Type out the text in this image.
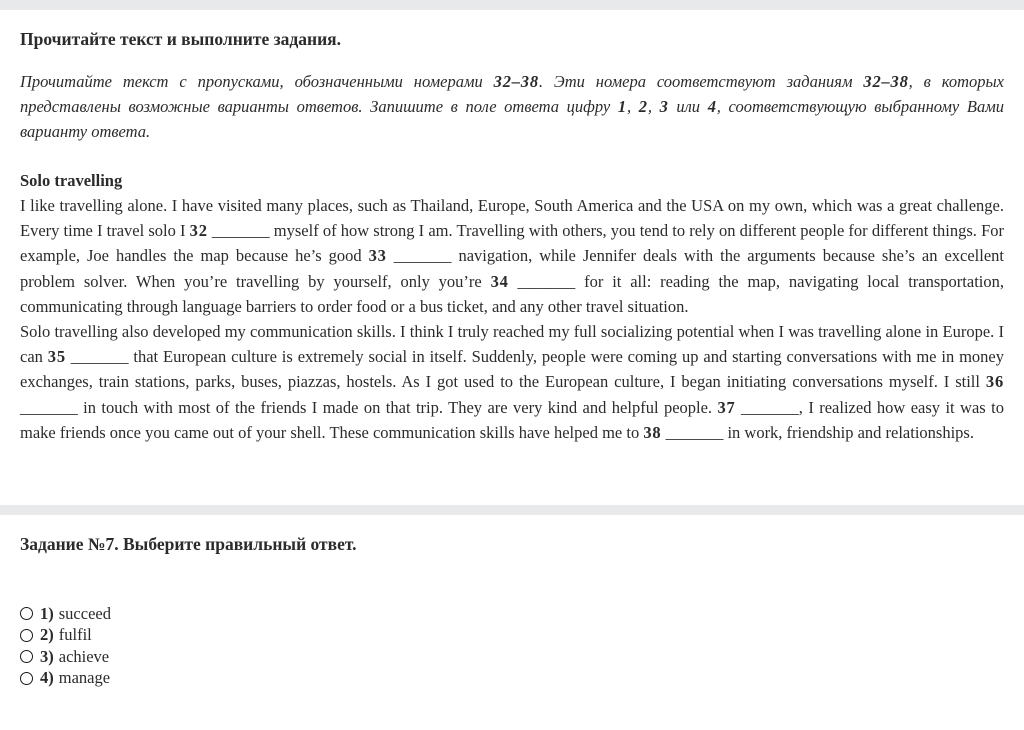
Прочитайте текст и выполните задания.

Прочитайте текст с пропусками, обозначенными номерами 32–38. Эти номера соответствуют заданиям 32–38, в которых представлены возможные варианты ответов. Запишите в поле ответа цифру 1, 2, 3 или 4, соответствующую выбранному Вами варианту ответа.

Solo travelling

I like travelling alone. I have visited many places, such as Thailand, Europe, South America and the USA on my own, which was a great challenge. Every time I travel solo I 32 _______ myself of how strong I am. Travelling with others, you tend to rely on different people for different things. For example, Joe handles the map because he’s good 33 _______ navigation, while Jennifer deals with the arguments because she’s an excellent problem solver. When you’re travelling by yourself, only you’re 34 _______ for it all: reading the map, navigating local transportation, communicating through language barriers to order food or a bus ticket, and any other travel situation.
Solo travelling also developed my communication skills. I think I truly reached my full socializing potential when I was travelling alone in Europe. I can 35 _______ that European culture is extremely social in itself. Suddenly, people were coming up and starting conversations with me in money exchanges, train stations, parks, buses, piazzas, hostels. As I got used to the European culture, I began initiating conversations myself. I still 36 _______ in touch with most of the friends I made on that trip. They are very kind and helpful people. 37 _______, I realized how easy it was to make friends once you came out of your shell. These communication skills have helped me to 38 _______ in work, friendship and relationships.

Задание №7. Выберите правильный ответ.
1) succeed
2) fulfil
3) achieve
4) manage
